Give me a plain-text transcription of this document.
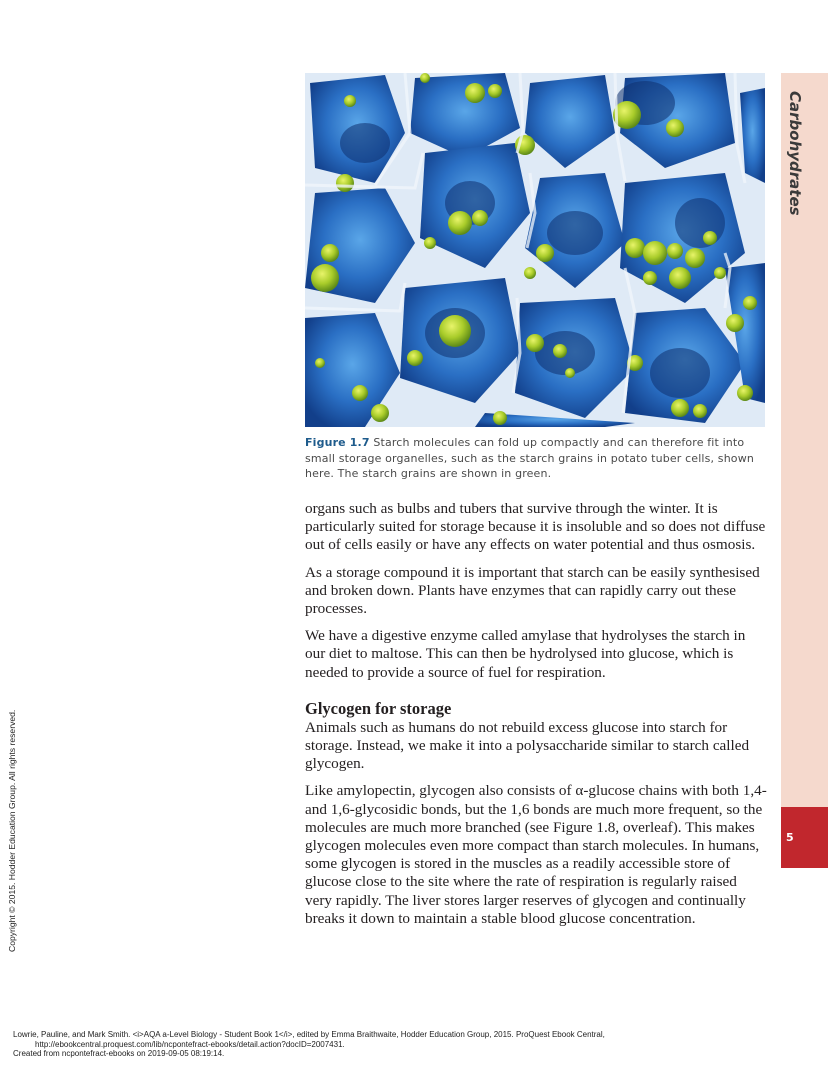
Figure 1.7 Starch molecules can fold up compactly and can therefore fit into small storage organelles, such as the starch grains in potato tuber cells, shown here. The starch grains are shown in green.

organs such as bulbs and tubers that survive through the winter. It is particularly suited for storage because it is insoluble and so does not diffuse out of cells easily or have any effects on water potential and thus osmosis.

As a storage compound it is important that starch can be easily synthesised and broken down. Plants have enzymes that can rapidly carry out these processes.

We have a digestive enzyme called amylase that hydrolyses the starch in our diet to maltose. This can then be hydrolysed into glucose, which is needed to provide a source of fuel for respiration.

Glycogen for storage

Animals such as humans do not rebuild excess glucose into starch for storage. Instead, we make it into a polysaccharide similar to starch called glycogen.

Like amylopectin, glycogen also consists of α-glucose chains with both 1,4- and 1,6-glycosidic bonds, but the 1,6 bonds are much more frequent, so the molecules are much more branched (see Figure 1.8, overleaf). This makes glycogen molecules even more compact than starch molecules. In humans, some glycogen is stored in the muscles as a readily accessible store of glucose close to the site where the rate of respiration is regularly raised very rapidly. The liver stores larger reserves of glycogen and continually breaks it down to maintain a stable blood glucose concentration.

Carbohydrates
5
Copyright © 2015. Hodder Education Group. All rights reserved.
Lowrie, Pauline, and Mark Smith. <i>AQA a-Level Biology - Student Book 1</i>, edited by Emma Braithwaite, Hodder Education Group, 2015. ProQuest Ebook Central,
http://ebookcentral.proquest.com/lib/ncpontefract-ebooks/detail.action?docID=2007431.
Created from ncpontefract-ebooks on 2019-09-05 08:19:14.
